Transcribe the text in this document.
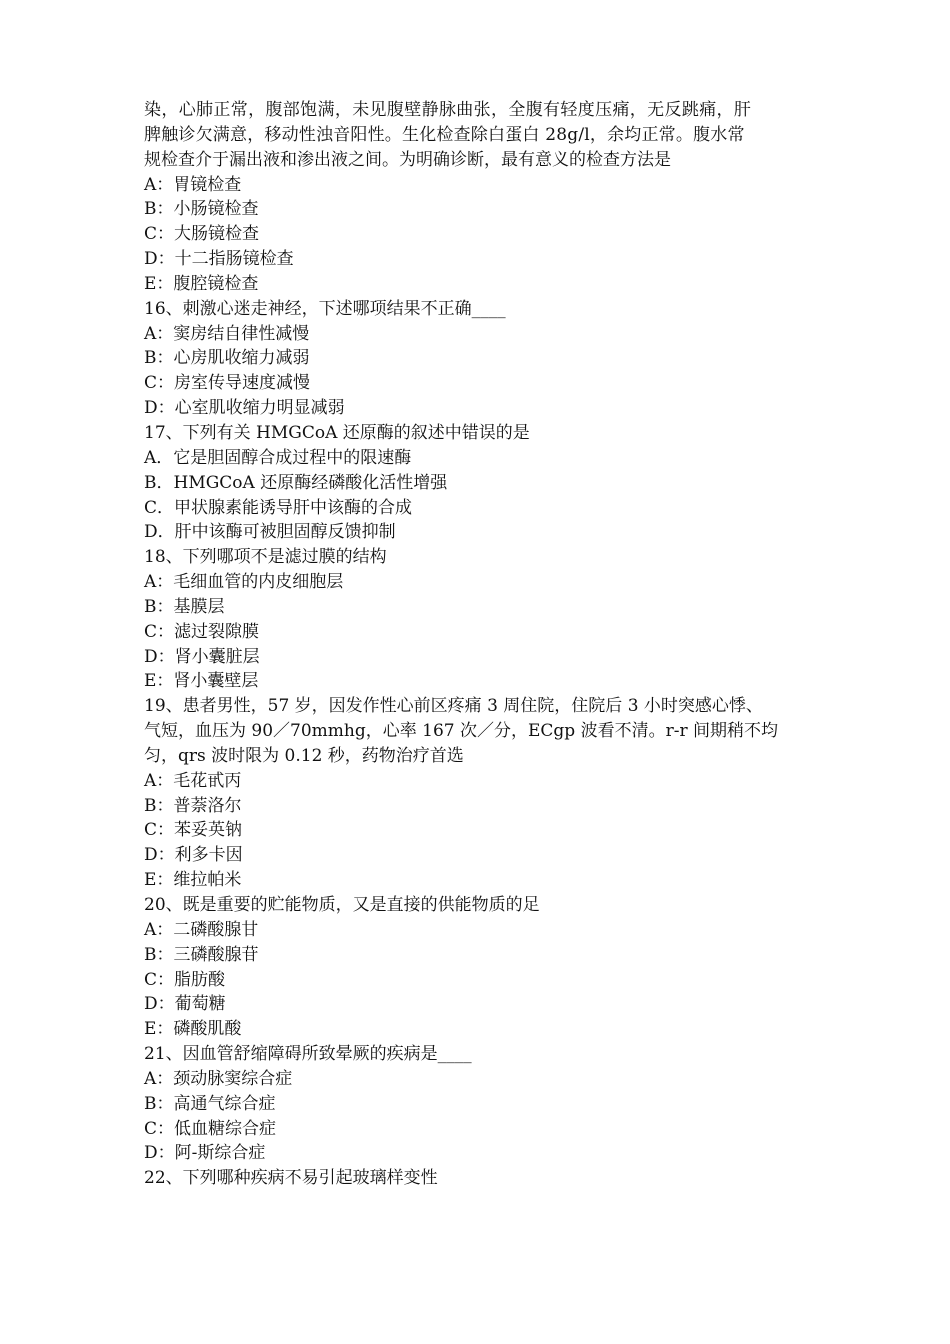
染，心肺正常，腹部饱满，未见腹壁静脉曲张，全腹有轻度压痛，无反跳痛，肝
脾触诊欠满意，移动性浊音阳性。生化检查除白蛋白 28g/l，余均正常。腹水常
规检查介于漏出液和渗出液之间。为明确诊断，最有意义的检查方法是
A：胃镜检查
B：小肠镜检查
C：大肠镜检查
D：十二指肠镜检查
E：腹腔镜检查
16、刺激心迷走神经，下述哪项结果不正确____
A：窦房结自律性减慢
B：心房肌收缩力减弱
C：房室传导速度减慢
D：心室肌收缩力明显减弱
17、下列有关 HMGCoA 还原酶的叙述中错误的是
A．它是胆固醇合成过程中的限速酶
B．HMGCoA 还原酶经磷酸化活性增强
C．甲状腺素能诱导肝中该酶的合成
D．肝中该酶可被胆固醇反馈抑制
18、下列哪项不是滤过膜的结构
A：毛细血管的内皮细胞层
B：基膜层
C：滤过裂隙膜
D：肾小囊脏层
E：肾小囊壁层
19、患者男性，57 岁，因发作性心前区疼痛 3 周住院，住院后 3 小时突感心悸、
气短，血压为 90／70mmhg，心率 167 次／分，ECgp 波看不清。r-r 间期稍不均
匀，qrs 波时限为 0.12 秒，药物治疗首选
A：毛花甙丙
B：普萘洛尔
C：苯妥英钠
D：利多卡因
E：维拉帕米
20、既是重要的贮能物质，又是直接的供能物质的足
A：二磷酸腺甘
B：三磷酸腺苷
C：脂肪酸
D：葡萄糖
E：磷酸肌酸
21、因血管舒缩障碍所致晕厥的疾病是____
A：颈动脉窦综合症
B：高通气综合症
C：低血糖综合症
D：阿-斯综合症
22、下列哪种疾病不易引起玻璃样变性
